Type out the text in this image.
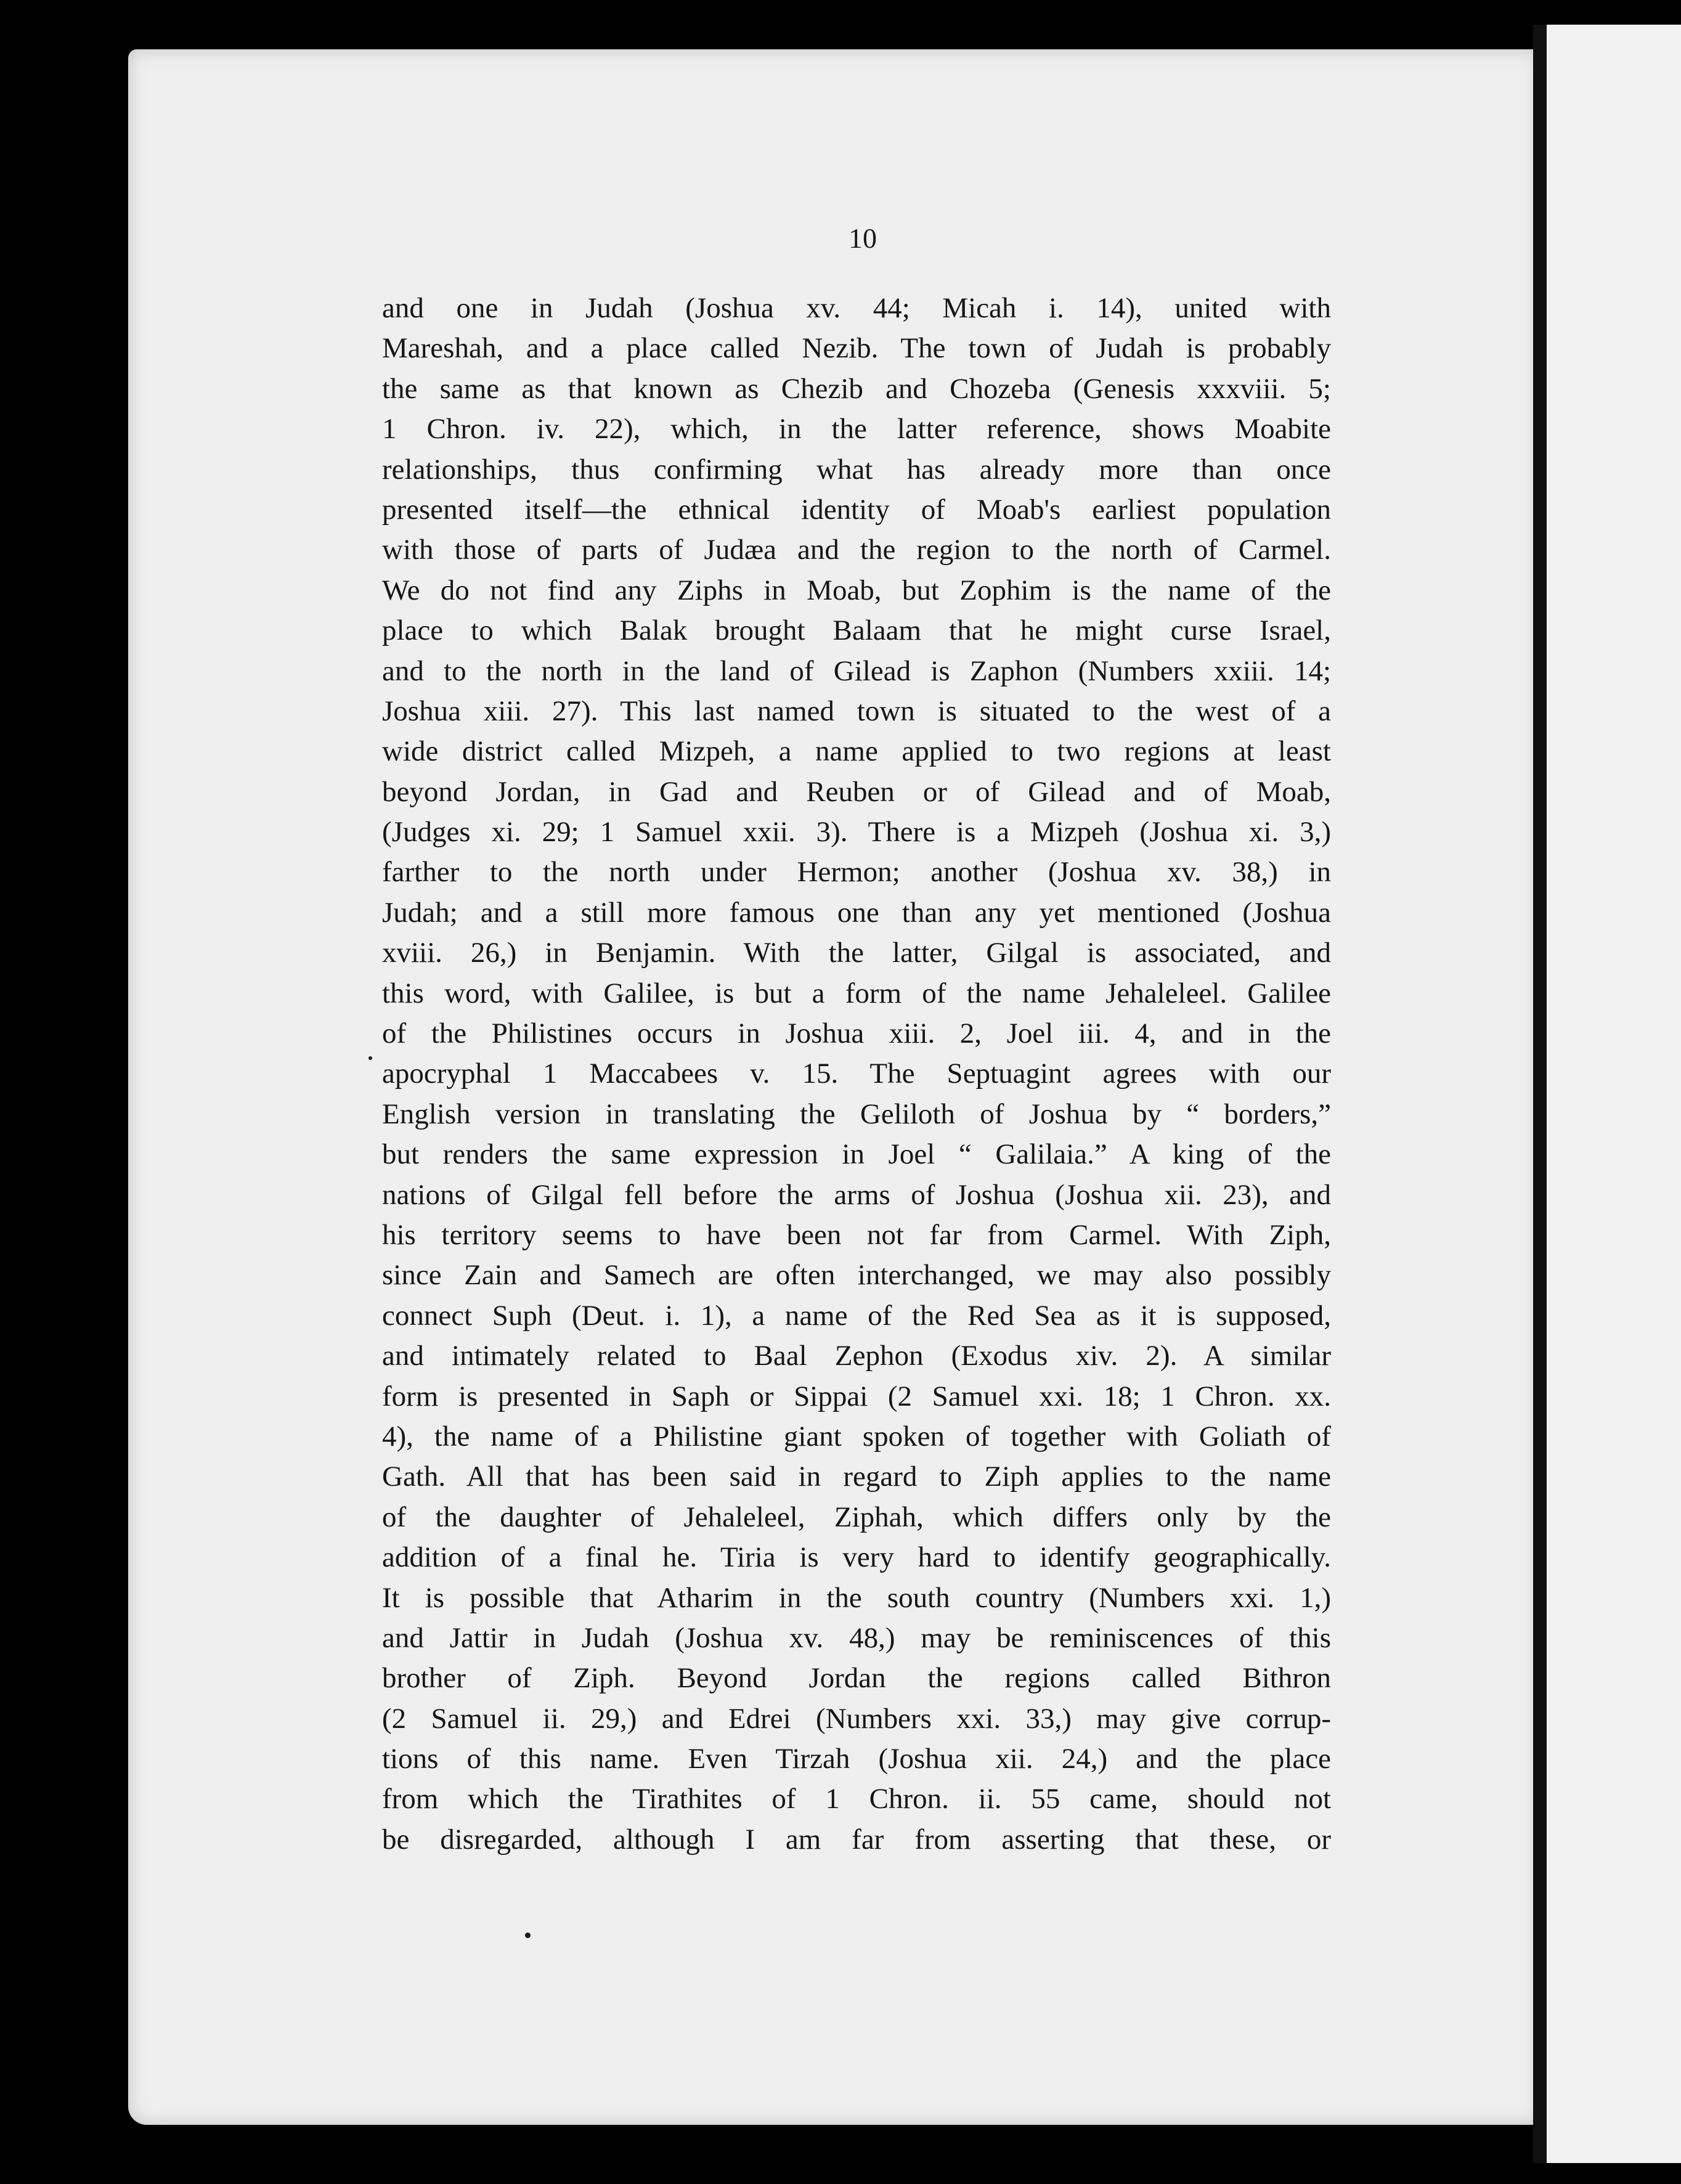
10
and one in Judah (Joshua xv. 44; Micah i. 14), united with
Mareshah, and a place called Nezib. The town of Judah is probably
the same as that known as Chezib and Chozeba (Genesis xxxviii. 5;
1 Chron. iv. 22), which, in the latter reference, shows Moabite
relationships, thus confirming what has already more than once
presented itself—the ethnical identity of Moab's earliest population
with those of parts of Judæa and the region to the north of Carmel.
We do not find any Ziphs in Moab, but Zophim is the name of the
place to which Balak brought Balaam that he might curse Israel,
and to the north in the land of Gilead is Zaphon (Numbers xxiii. 14;
Joshua xiii. 27). This last named town is situated to the west of a
wide district called Mizpeh, a name applied to two regions at least
beyond Jordan, in Gad and Reuben or of Gilead and of Moab,
(Judges xi. 29; 1 Samuel xxii. 3). There is a Mizpeh (Joshua xi. 3,)
farther to the north under Hermon; another (Joshua xv. 38,) in
Judah; and a still more famous one than any yet mentioned (Joshua
xviii. 26,) in Benjamin. With the latter, Gilgal is associated, and
this word, with Galilee, is but a form of the name Jehaleleel. Galilee
of the Philistines occurs in Joshua xiii. 2, Joel iii. 4, and in the
apocryphal 1 Maccabees v. 15. The Septuagint agrees with our
English version in translating the Geliloth of Joshua by “ borders,”
but renders the same expression in Joel “ Galilaia.” A king of the
nations of Gilgal fell before the arms of Joshua (Joshua xii. 23), and
his territory seems to have been not far from Carmel. With Ziph,
since Zain and Samech are often interchanged, we may also possibly
connect Suph (Deut. i. 1), a name of the Red Sea as it is supposed,
and intimately related to Baal Zephon (Exodus xiv. 2). A similar
form is presented in Saph or Sippai (2 Samuel xxi. 18; 1 Chron. xx.
4), the name of a Philistine giant spoken of together with Goliath of
Gath. All that has been said in regard to Ziph applies to the name
of the daughter of Jehaleleel, Ziphah, which differs only by the
addition of a final he. Tiria is very hard to identify geographically.
It is possible that Atharim in the south country (Numbers xxi. 1,)
and Jattir in Judah (Joshua xv. 48,) may be reminiscences of this
brother of Ziph. Beyond Jordan the regions called Bithron
(2 Samuel ii. 29,) and Edrei (Numbers xxi. 33,) may give corrup-
tions of this name. Even Tirzah (Joshua xii. 24,) and the place
from which the Tirathites of 1 Chron. ii. 55 came, should not
be disregarded, although I am far from asserting that these, or
